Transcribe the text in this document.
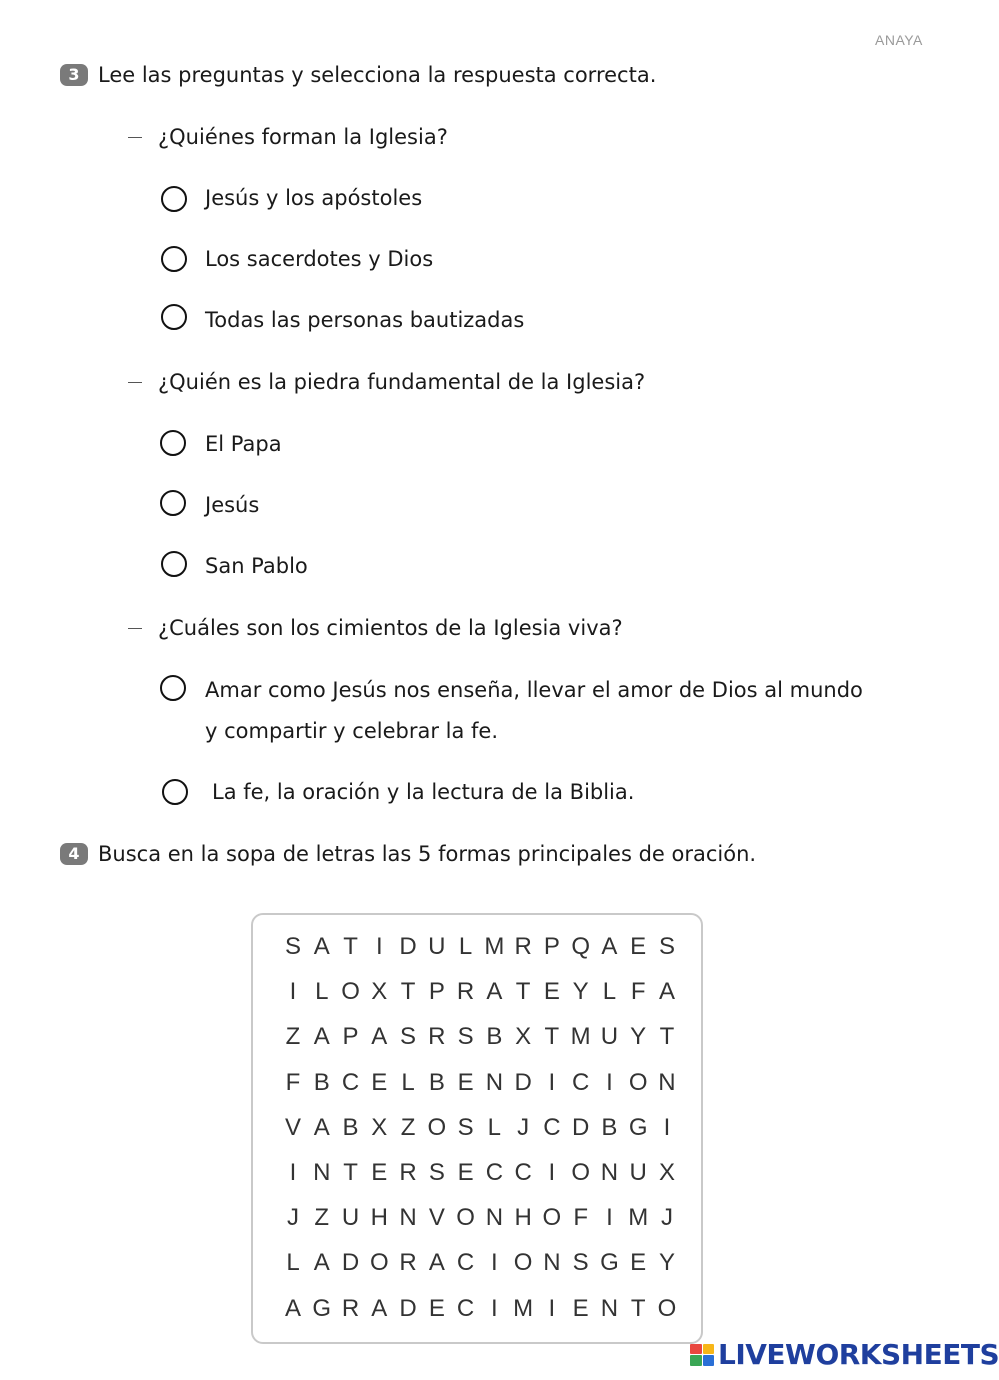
ANAYA
3 Lee las preguntas y selecciona la respuesta correcta.
¿Quiénes forman la Iglesia?
Jesús y los apóstoles
Los sacerdotes y Dios
Todas las personas bautizadas
¿Quién es la piedra fundamental de la Iglesia?
El Papa
Jesús
San Pablo
¿Cuáles son los cimientos de la Iglesia viva?
Amar como Jesús nos enseña, llevar el amor de Dios al mundo
y compartir y celebrar la fe.
La fe, la oración y la lectura de la Biblia.
4 Busca en la sopa de letras las 5 formas principales de oración.
S A T I D U L M R P Q A E S
I L O X T P R A T E Y L F A
Z A P A S R S B X T M U Y T
F B C E L B E N D I C I O N
V A B X Z O S L J C D B G I
I N T E R S E C C I O N U X
J Z U H N V O N H O F I M J
L A D O R A C I O N S G E Y
A G R A D E C I M I E N T O
LIVEWORKSHEETS
